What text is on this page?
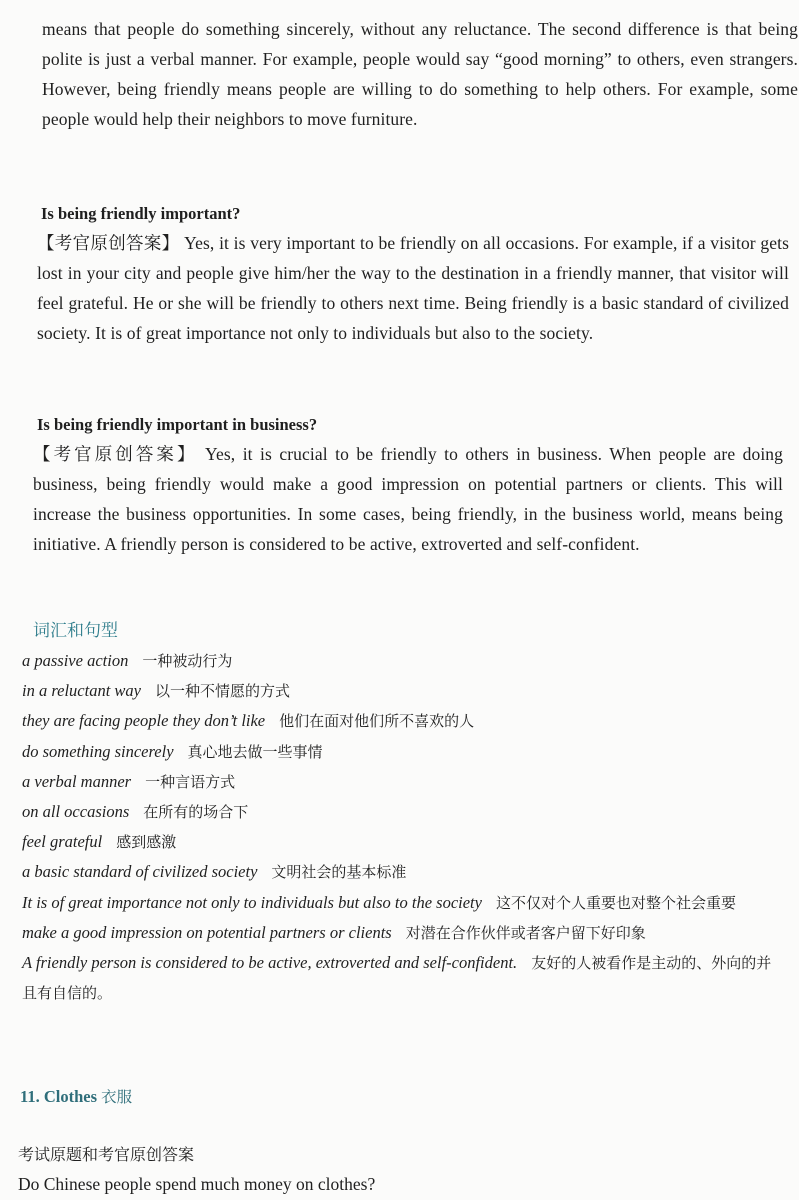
means that people do something sincerely, without any reluctance. The second difference is that being polite is just a verbal manner. For example, people would say “good morning” to others, even strangers. However, being friendly means people are willing to do something to help others. For example, some people would help their neighbors to move furniture.

Is being friendly important?

【考官原创答案】 Yes, it is very important to be friendly on all occasions. For example, if a visitor gets lost in your city and people give him/her the way to the destination in a friendly manner, that visitor will feel grateful. He or she will be friendly to others next time. Being friendly is a basic standard of civilized society. It is of great importance not only to individuals but also to the society.

Is being friendly important in business?

【考官原创答案】 Yes, it is crucial to be friendly to others in business. When people are doing business, being friendly would make a good impression on potential partners or clients. This will increase the business opportunities. In some cases, being friendly, in the business world, means being initiative. A friendly person is considered to be active, extroverted and self-confident.

词汇和句型
a passive action 一种被动行为
in a reluctant way 以一种不情愿的方式
they are facing people they don’t like 他们在面对他们所不喜欢的人
do something sincerely 真心地去做一些事情
a verbal manner 一种言语方式
on all occasions 在所有的场合下
feel grateful 感到感激
a basic standard of civilized society 文明社会的基本标准
It is of great importance not only to individuals but also to the society 这不仅对个人重要也对整个社会重要
make a good impression on potential partners or clients 对潜在合作伙伴或者客户留下好印象
A friendly person is considered to be active, extroverted and self-confident. 友好的人被看作是主动的、外向的并且有自信的。
11. Clothes 衣服
考试原题和考官原创答案
Do Chinese people spend much money on clothes?
